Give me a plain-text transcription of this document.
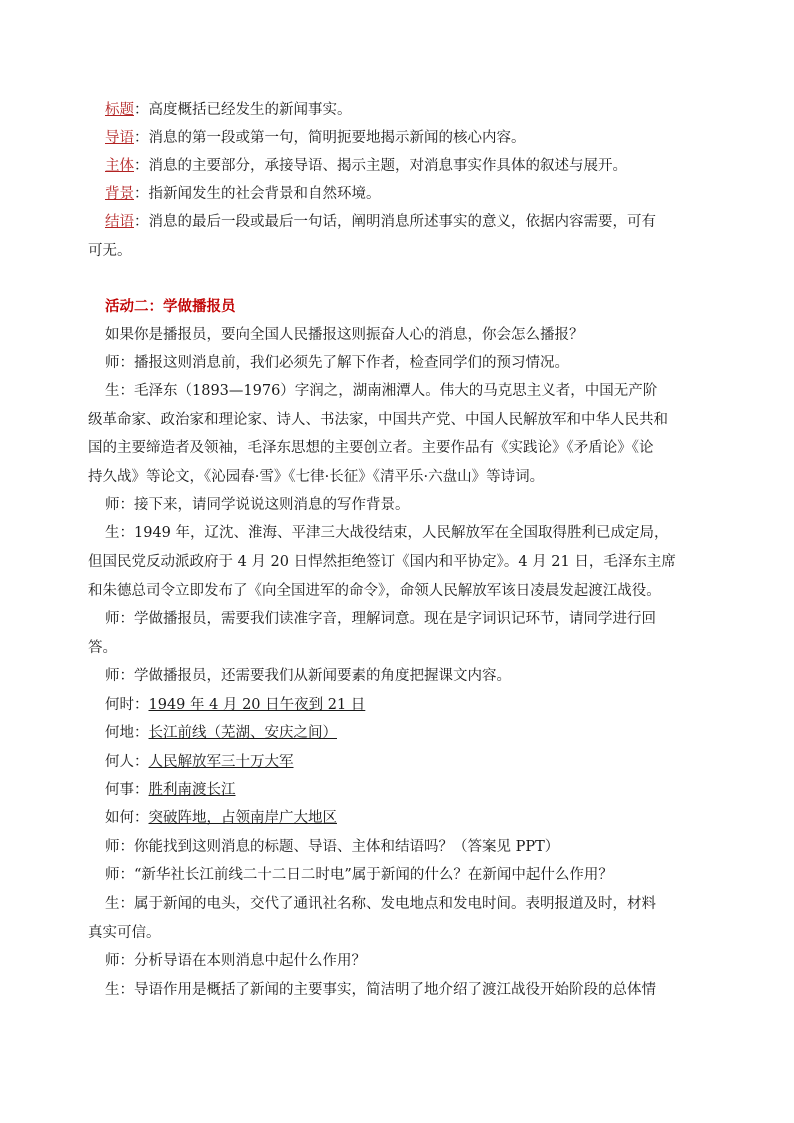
标题：高度概括已经发生的新闻事实。
导语：消息的第一段或第一句，简明扼要地揭示新闻的核心内容。
主体：消息的主要部分，承接导语、揭示主题，对消息事实作具体的叙述与展开。
背景：指新闻发生的社会背景和自然环境。
结语：消息的最后一段或最后一句话，阐明消息所述事实的意义，依据内容需要，可有
可无。
活动二：学做播报员
如果你是播报员，要向全国人民播报这则振奋人心的消息，你会怎么播报？
师：播报这则消息前，我们必须先了解下作者，检查同学们的预习情况。
生：毛泽东（1893—1976）字润之，湖南湘潭人。伟大的马克思主义者，中国无产阶
级革命家、政治家和理论家、诗人、书法家，中国共产党、中国人民解放军和中华人民共和
国的主要缔造者及领袖，毛泽东思想的主要创立者。主要作品有《实践论》《矛盾论》《论
持久战》等论文，《沁园春·雪》《七律·长征》《清平乐·六盘山》等诗词。
师：接下来，请同学说说这则消息的写作背景。
生：1949 年，辽沈、淮海、平津三大战役结束，人民解放军在全国取得胜利已成定局，
但国民党反动派政府于 4 月 20 日悍然拒绝签订《国内和平协定》。4 月 21 日，毛泽东主席
和朱德总司令立即发布了《向全国进军的命令》，命领人民解放军该日凌晨发起渡江战役。
师：学做播报员，需要我们读准字音，理解词意。现在是字词识记环节，请同学进行回
答。
师：学做播报员，还需要我们从新闻要素的角度把握课文内容。
何时：1949 年 4 月 20 日午夜到 21 日
何地：长江前线（芜湖、安庆之间）
何人：人民解放军三十万大军
何事：胜利南渡长江
如何：突破阵地，占领南岸广大地区
师：你能找到这则消息的标题、导语、主体和结语吗？（答案见 PPT）
师：“新华社长江前线二十二日二时电”属于新闻的什么？在新闻中起什么作用？
生：属于新闻的电头，交代了通讯社名称、发电地点和发电时间。表明报道及时，材料
真实可信。
师：分析导语在本则消息中起什么作用？
生：导语作用是概括了新闻的主要事实，简洁明了地介绍了渡江战役开始阶段的总体情
